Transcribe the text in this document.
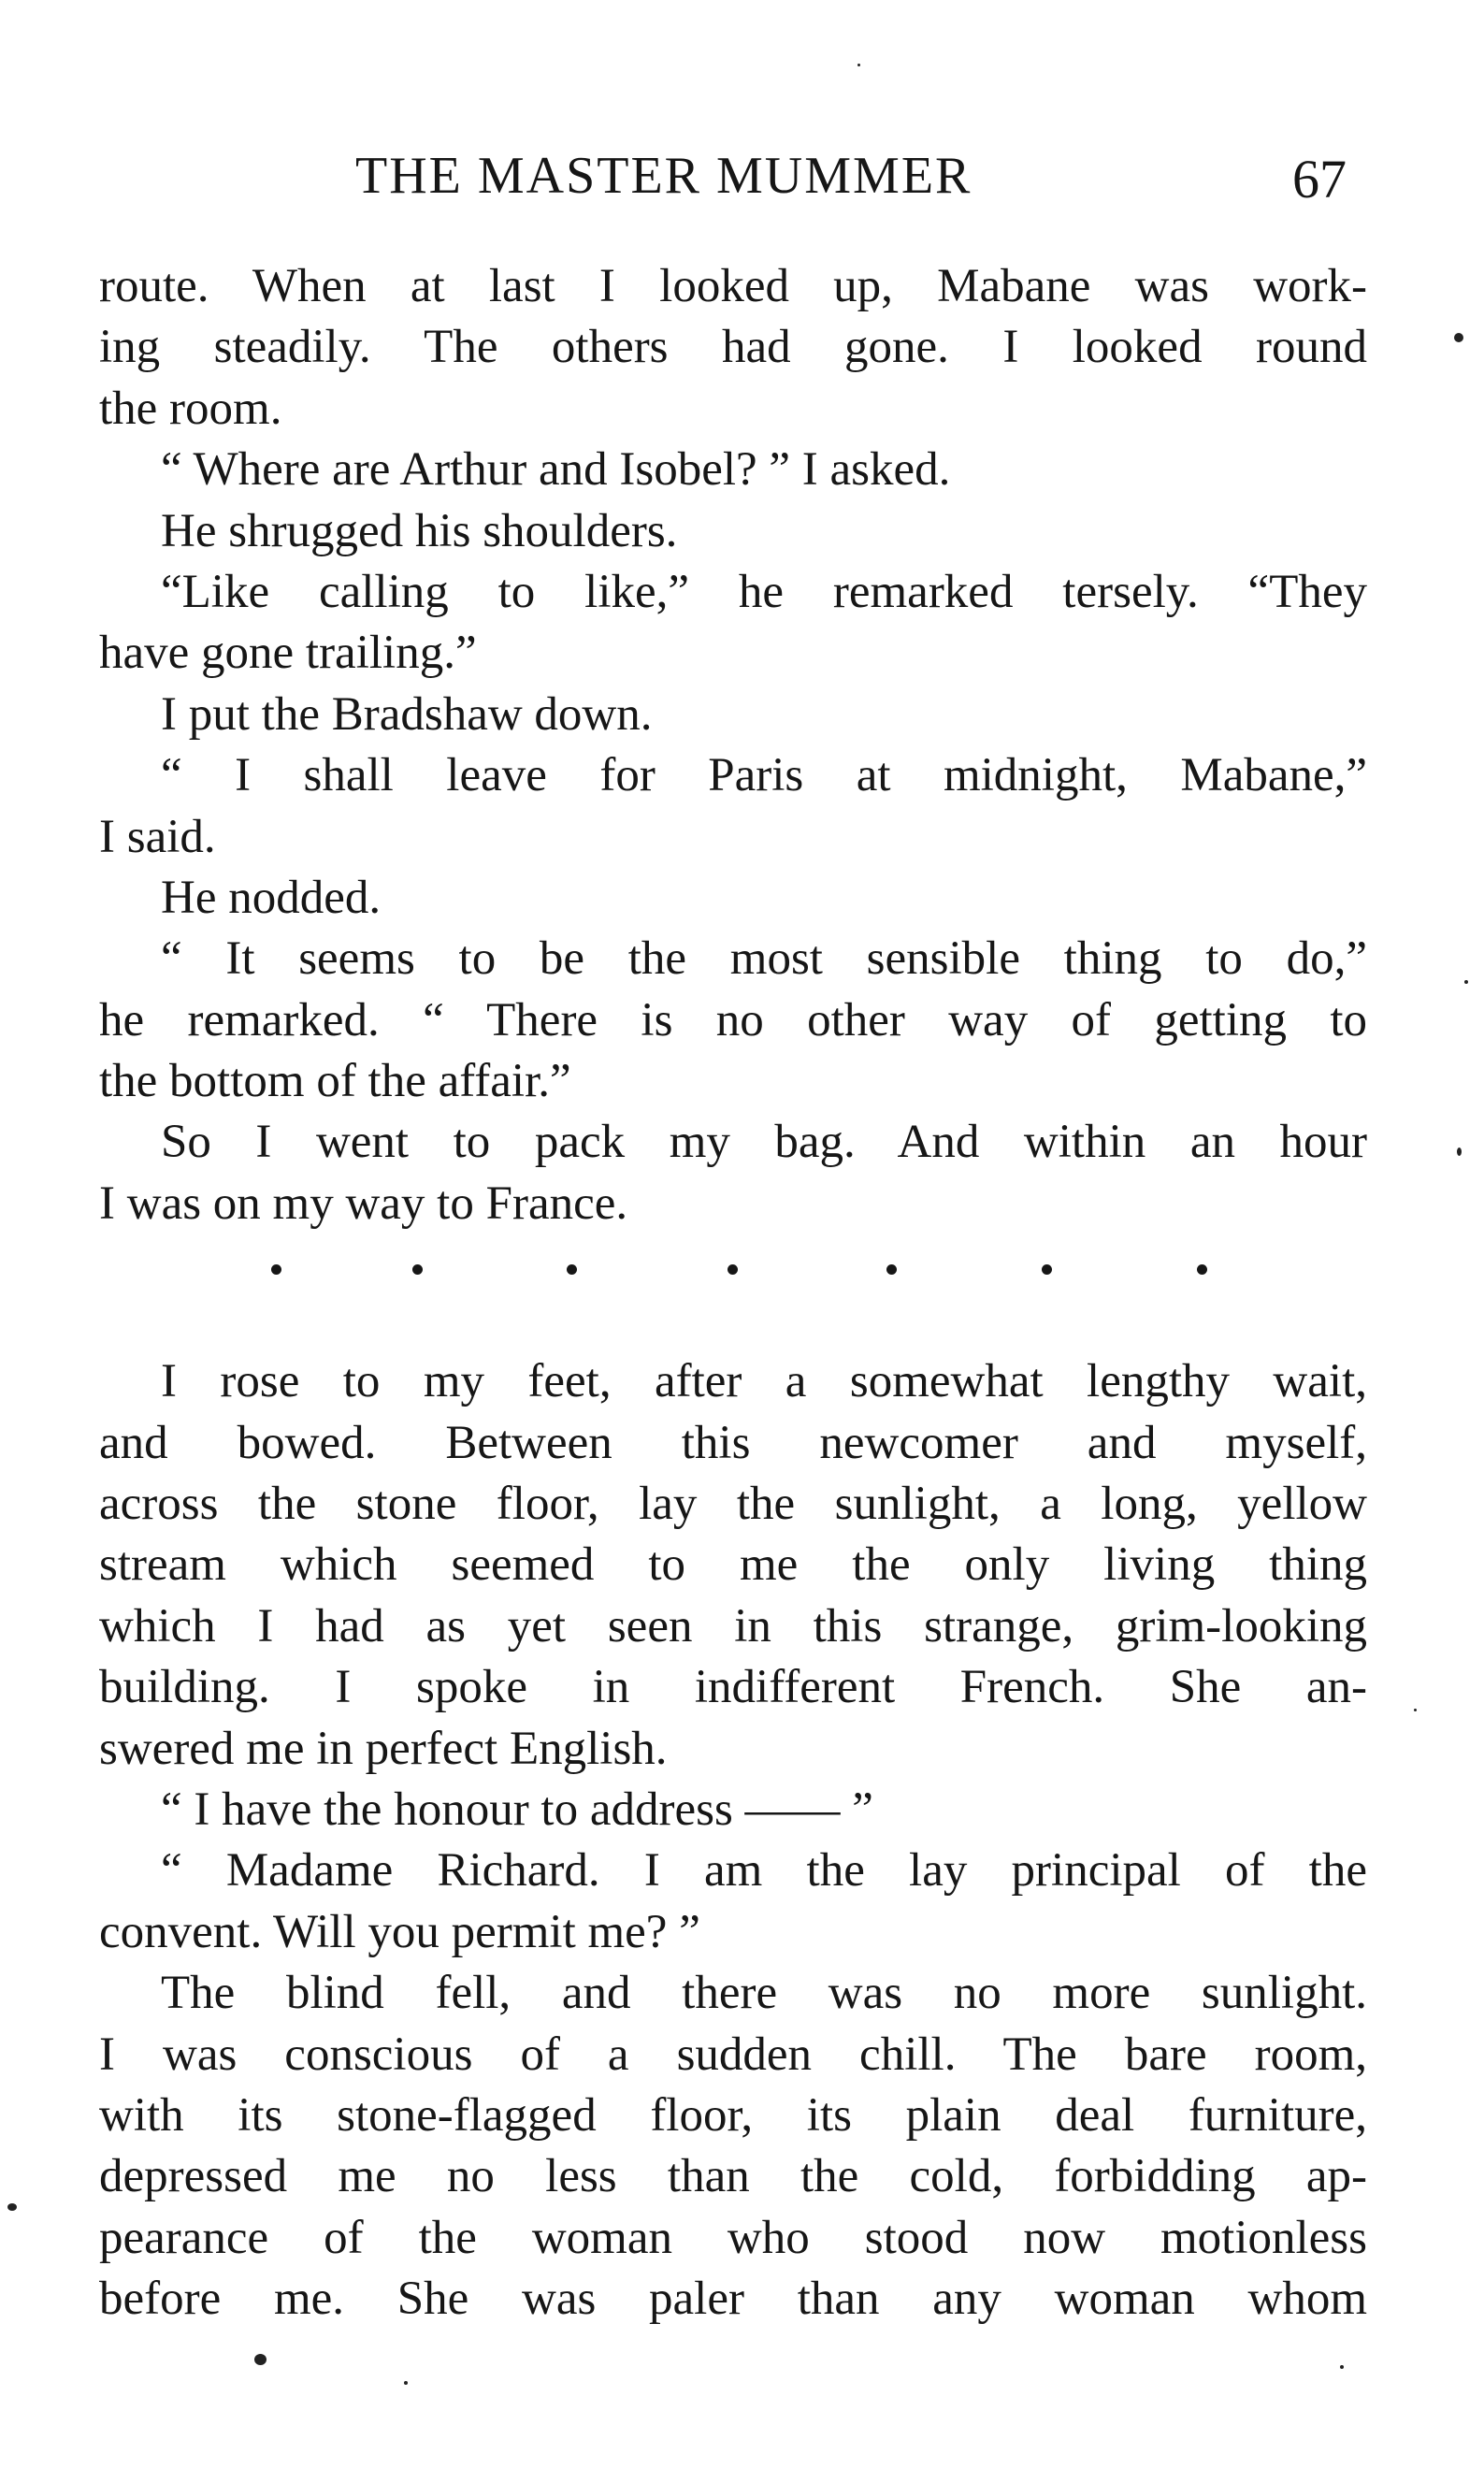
THE MASTER MUMMER	67
route. When at last I looked up, Mabane was work-
ing steadily. The others had gone. I looked round
the room.
“ Where are Arthur and Isobel? ” I asked.
He shrugged his shoulders.
“Like calling to like,” he remarked tersely. “They
have gone trailing.”
I put the Bradshaw down.
“ I shall leave for Paris at midnight, Mabane,”
I said.
He nodded.
“ It seems to be the most sensible thing to do,”
he remarked. “ There is no other way of getting to
the bottom of the affair.”
So I went to pack my bag. And within an hour
I was on my way to France.
I rose to my feet, after a somewhat lengthy wait,
and bowed. Between this newcomer and myself,
across the stone floor, lay the sunlight, a long, yellow
stream which seemed to me the only living thing
which I had as yet seen in this strange, grim-looking
building. I spoke in indifferent French. She an-
swered me in perfect English.
“ I have the honour to address —— ”
“ Madame Richard. I am the lay principal of the
convent. Will you permit me? ”
The blind fell, and there was no more sunlight.
I was conscious of a sudden chill. The bare room,
with its stone-flagged floor, its plain deal furniture,
depressed me no less than the cold, forbidding ap-
pearance of the woman who stood now motionless
before me. She was paler than any woman whom
